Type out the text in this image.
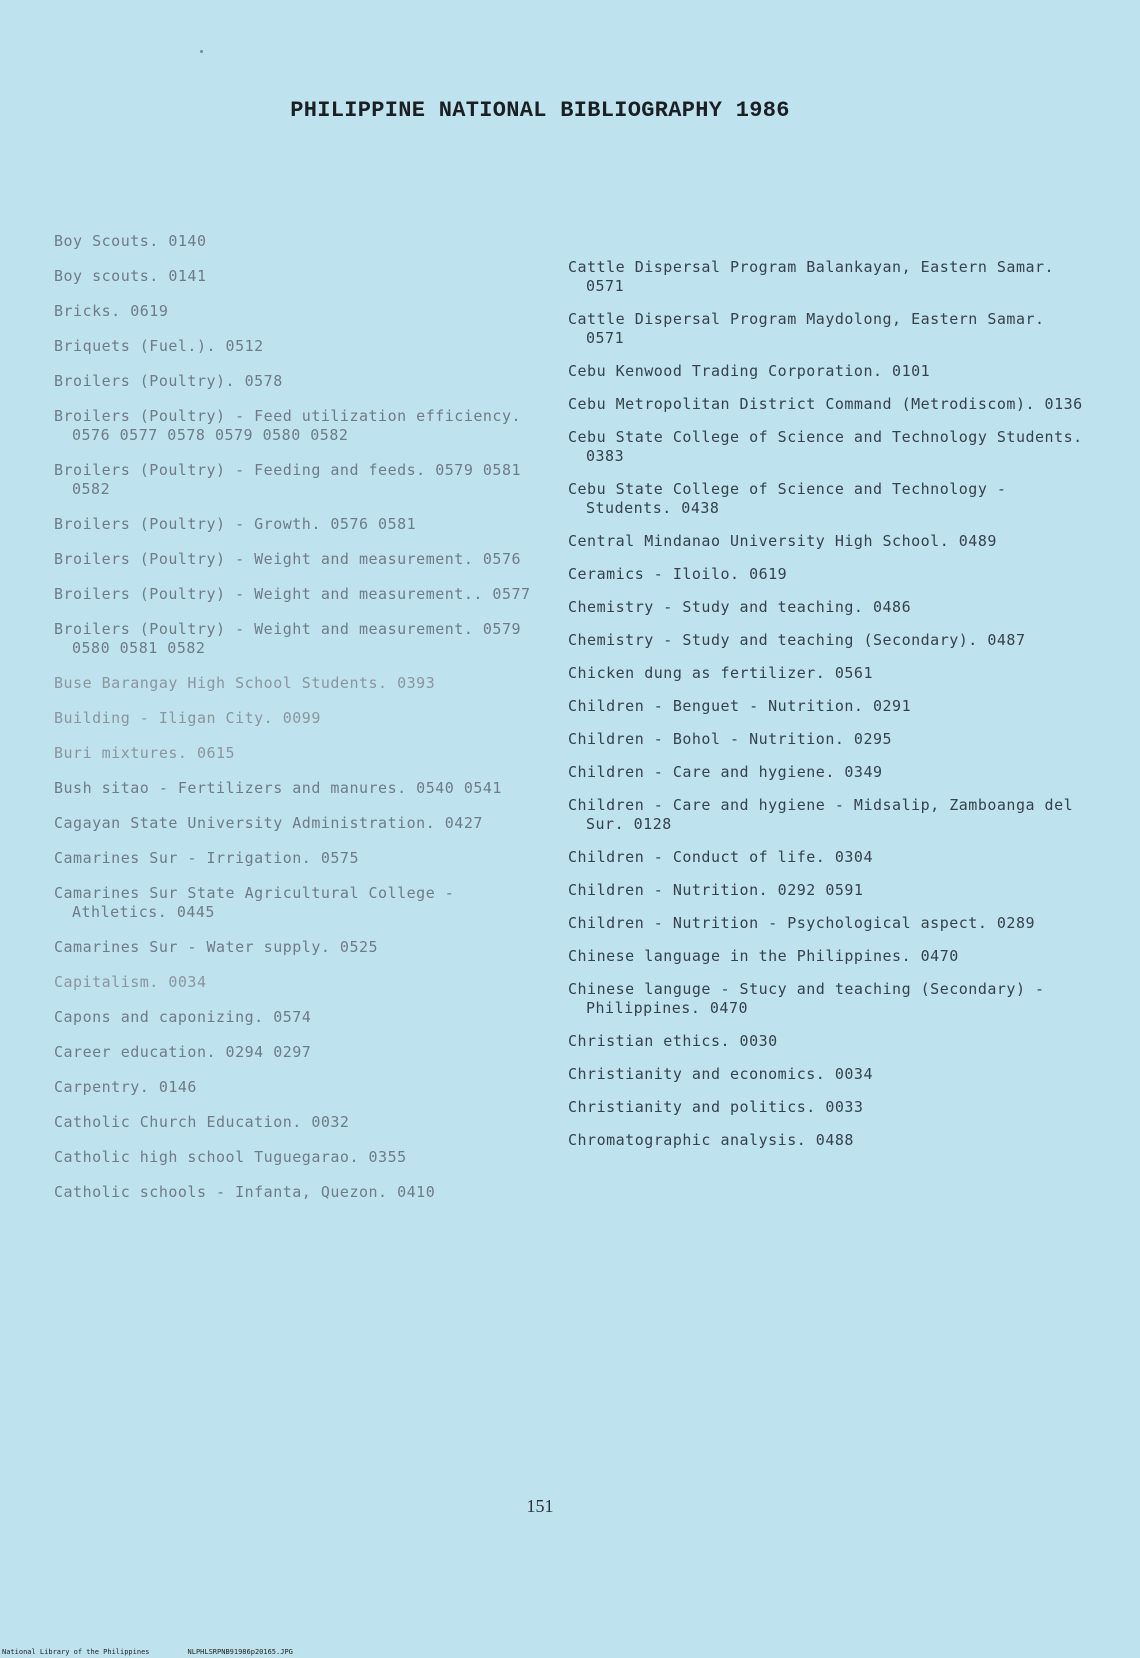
PHILIPPINE NATIONAL BIBLIOGRAPHY 1986
Boy Scouts. 0140
Boy scouts. 0141
Bricks. 0619
Briquets (Fuel.). 0512
Broilers (Poultry). 0578
Broilers (Poultry) - Feed utilization efficiency. 0576 0577 0578 0579 0580 0582
Broilers (Poultry) - Feeding and feeds. 0579 0581 0582
Broilers (Poultry) - Growth. 0576 0581
Broilers (Poultry) - Weight and measurement. 0576
Broilers (Poultry) - Weight and measurement.. 0577
Broilers (Poultry) - Weight and measurement. 0579 0580 0581 0582
Buse Barangay High School Students. 0393
Building - Iligan City. 0099
Buri mixtures. 0615
Bush sitao - Fertilizers and manures. 0540 0541
Cagayan State University Administration. 0427
Camarines Sur - Irrigation. 0575
Camarines Sur State Agricultural College - Athletics. 0445
Camarines Sur - Water supply. 0525
Capitalism. 0034
Capons and caponizing. 0574
Career education. 0294 0297
Carpentry. 0146
Catholic Church Education. 0032
Catholic high school Tuguegarao. 0355
Catholic schools - Infanta, Quezon. 0410
Cattle Dispersal Program Balankayan, Eastern Samar. 0571
Cattle Dispersal Program Maydolong, Eastern Samar. 0571
Cebu Kenwood Trading Corporation. 0101
Cebu Metropolitan District Command (Metrodiscom). 0136
Cebu State College of Science and Technology Students. 0383
Cebu State College of Science and Technology - Students. 0438
Central Mindanao University High School. 0489
Ceramics - Iloilo. 0619
Chemistry - Study and teaching. 0486
Chemistry - Study and teaching (Secondary). 0487
Chicken dung as fertilizer. 0561
Children - Benguet - Nutrition. 0291
Children - Bohol - Nutrition. 0295
Children - Care and hygiene. 0349
Children - Care and hygiene - Midsalip, Zamboanga del Sur. 0128
Children - Conduct of life. 0304
Children - Nutrition. 0292 0591
Children - Nutrition - Psychological aspect. 0289
Chinese language in the Philippines. 0470
Chinese languge - Stucy and teaching (Secondary) - Philippines. 0470
Christian ethics. 0030
Christianity and economics. 0034
Christianity and politics. 0033
Chromatographic analysis. 0488
151
National Library of the Philippines	NLPHLSRPNB91986p20165.JPG
